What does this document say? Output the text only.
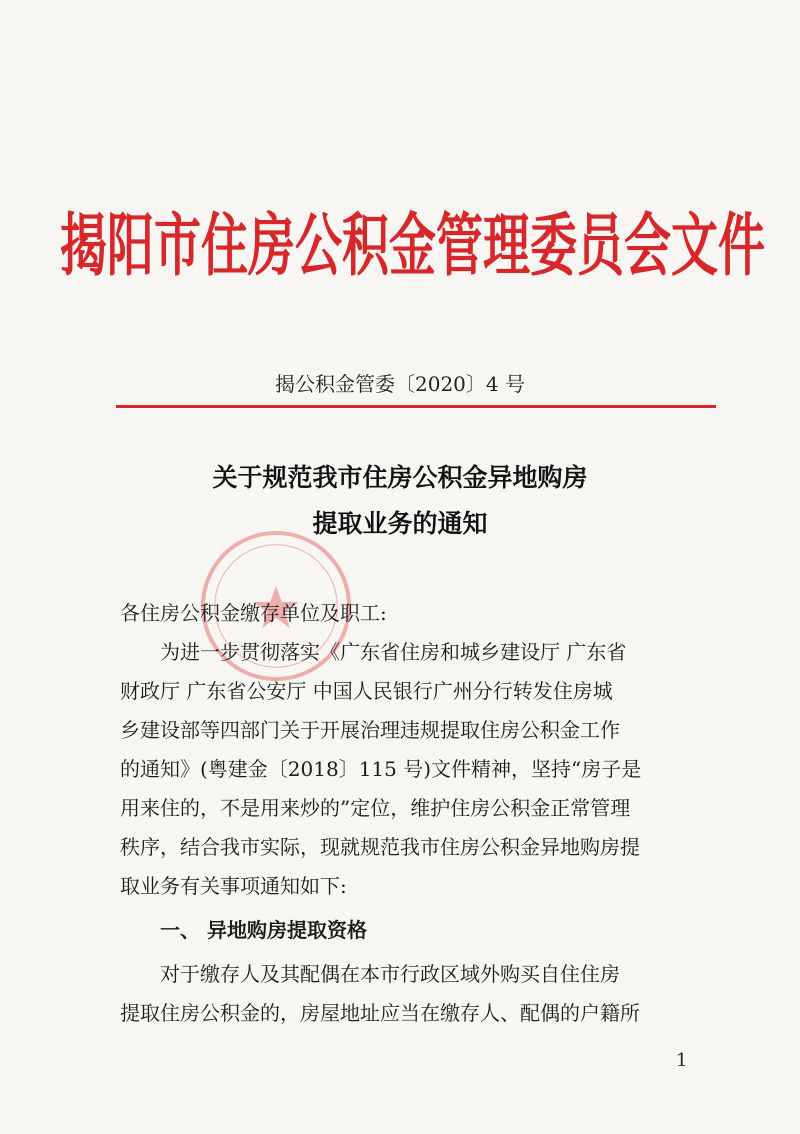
揭阳市住房公积金管理委员会文件
揭公积金管委〔2020〕4 号
关于规范我市住房公积金异地购房
提取业务的通知
各住房公积金缴存单位及职工:
为进一步贯彻落实《广东省住房和城乡建设厅 广东省
财政厅 广东省公安厅 中国人民银行广州分行转发住房城
乡建设部等四部门关于开展治理违规提取住房公积金工作
的通知》(粤建金〔2018〕115 号)文件精神，坚持“房子是
用来住的，不是用来炒的”定位，维护住房公积金正常管理
秩序，结合我市实际，现就规范我市住房公积金异地购房提
取业务有关事项通知如下:
一、 异地购房提取资格
对于缴存人及其配偶在本市行政区域外购买自住住房
提取住房公积金的，房屋地址应当在缴存人、配偶的户籍所
1
